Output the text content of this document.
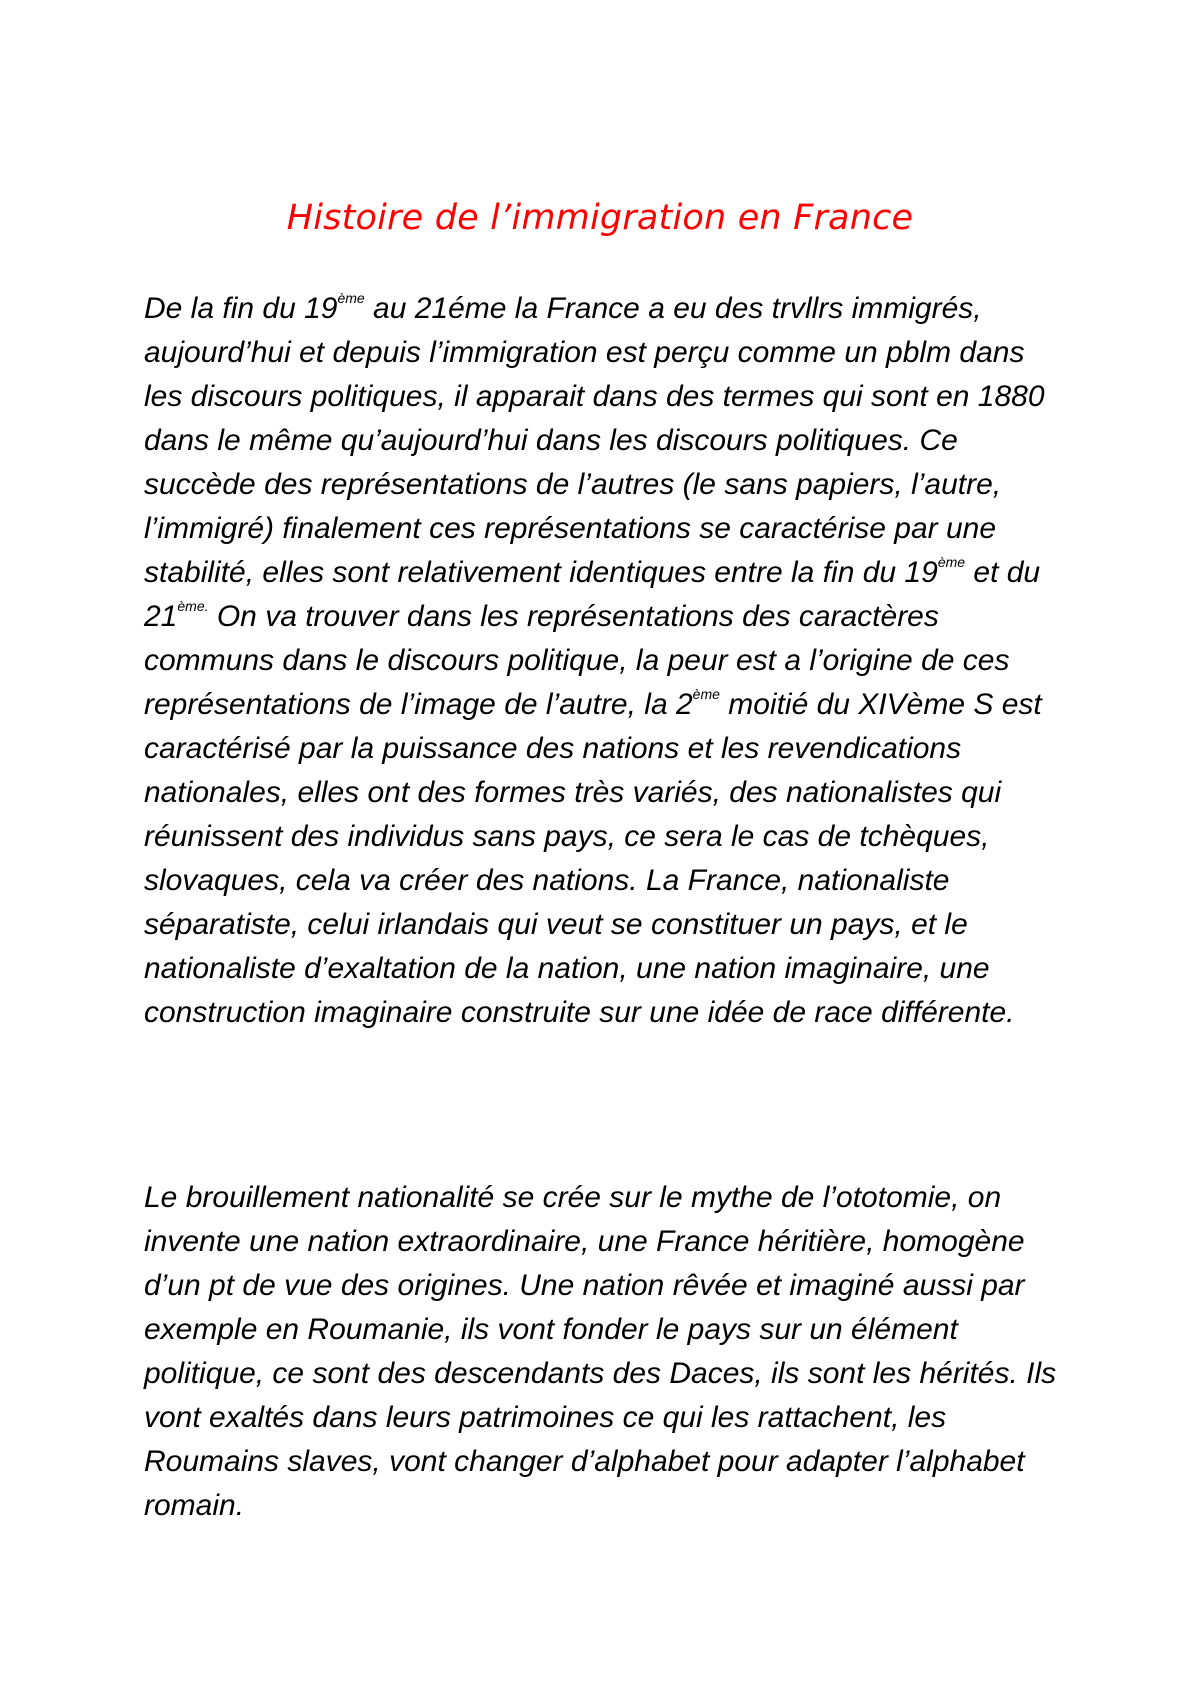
Histoire de l’immigration en France

De la fin du 19ème au 21éme la France a eu des trvllrs immigrés, aujourd’hui et depuis l’immigration est perçu comme un pblm dans les discours politiques, il apparait dans des termes qui sont en 1880 dans le même qu’aujourd’hui dans les discours politiques. Ce succède des représentations de l’autres (le sans papiers, l’autre, l’immigré) finalement ces représentations se caractérise par une stabilité, elles sont relativement identiques entre la fin du 19ème et du $21^{ème.}$ On va trouver dans les représentations des caractères communs dans le discours politique, la peur est a l’origine de ces représentations de l’image de l’autre, la 2ème moitié du XIVème S est caractérisé par la puissance des nations et les revendications nationales, elles ont des formes très variés, des nationalistes qui réunissent des individus sans pays, ce sera le cas de tchèques, slovaques, cela va créer des nations. La France, nationaliste séparatiste, celui irlandais qui veut se constituer un pays, et le nationaliste d’exaltation de la nation, une nation imaginaire, une construction imaginaire construite sur une idée de race différente.

Le brouillement nationalité se crée sur le mythe de l’ototomie, on invente une nation extraordinaire, une France héritière, homogène d’un pt de vue des origines. Une nation rêvée et imaginé aussi par exemple en Roumanie, ils vont fonder le pays sur un élément politique, ce sont des descendants des Daces, ils sont les hérités. Ils vont exaltés dans leurs patrimoines ce qui les rattachent, les Roumains slaves, vont changer d’alphabet pour adapter l’alphabet romain.
